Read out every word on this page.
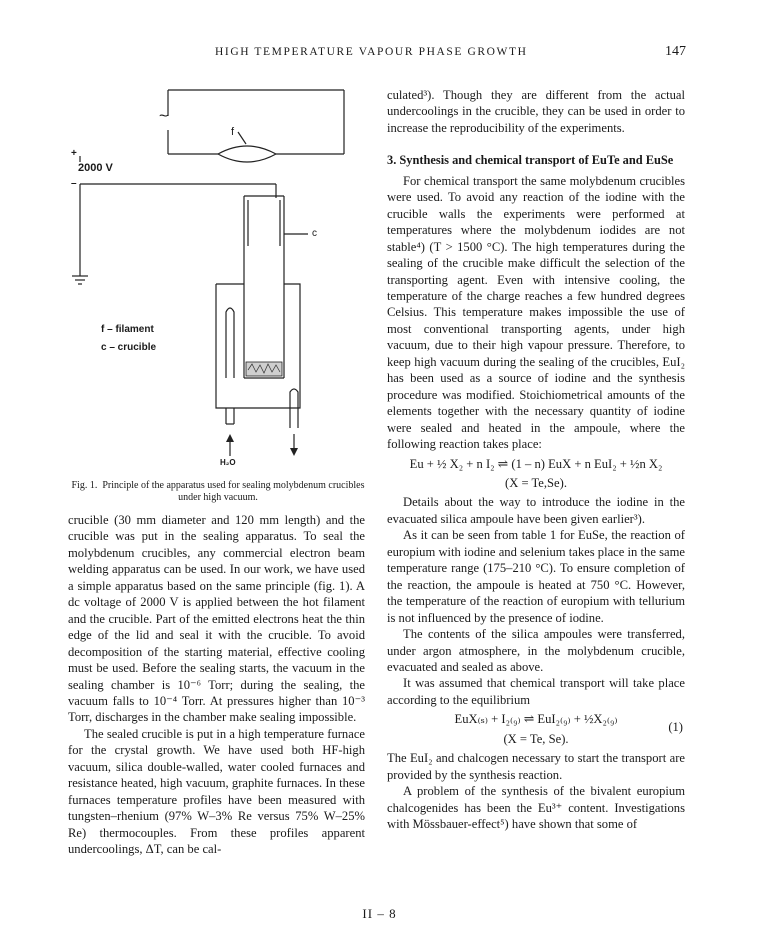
HIGH TEMPERATURE VAPOUR PHASE GROWTH	147
~
+
2000 V
–
f
c
f – filament
c – crucible
H₂O
Fig. 1. Principle of the apparatus used for sealing molybdenum crucibles under high vacuum.

crucible (30 mm diameter and 120 mm length) and the crucible was put in the sealing apparatus. To seal the molybdenum crucibles, any commercial electron beam welding apparatus can be used. In our work, we have used a simple apparatus based on the same principle (fig. 1). A dc voltage of 2000 V is applied between the hot filament and the crucible. Part of the emitted electrons heat the thin edge of the lid and seal it with the crucible. To avoid decomposition of the starting material, effective cooling must be used. Before the sealing starts, the vacuum in the sealing chamber is 10⁻⁶ Torr; during the sealing, the vacuum falls to 10⁻⁴ Torr. At pressures higher than 10⁻³ Torr, discharges in the chamber make sealing impossible.

The sealed crucible is put in a high temperature furnace for the crystal growth. We have used both HF-high vacuum, silica double-walled, water cooled furnaces and resistance heated, high vacuum, graphite furnaces. In these furnaces temperature profiles have been measured with tungsten–rhenium (97% W–3% Re versus 75% W–25% Re) thermocouples. From these profiles apparent undercoolings, ΔT, can be cal-

culated³). Though they are different from the actual undercoolings in the crucible, they can be used in order to increase the reproducibility of the experiments.

3. Synthesis and chemical transport of EuTe and EuSe

For chemical transport the same molybdenum crucibles were used. To avoid any reaction of the iodine with the crucible walls the experiments were performed at temperatures where the molybdenum iodides are not stable⁴) (T > 1500 °C). The high temperatures during the sealing of the crucible make difficult the selection of the transporting agent. Even with intensive cooling, the temperature of the charge reaches a few hundred degrees Celsius. This temperature makes impossible the use of most conventional transporting agents, under high vacuum, due to their high vapour pressure. Therefore, to keep high vacuum during the sealing of the crucibles, EuI₂ has been used as a source of iodine and the synthesis procedure was modified. Stoichiometrical amounts of the elements together with the necessary quantity of iodine were sealed and heated in the ampoule, where the following reaction takes place:

Eu + ½ X₂ + n I₂ ⇌ (1 – n) EuX + n EuI₂ + ½n X₂

(X = Te,Se).

Details about the way to introduce the iodine in the evacuated silica ampoule have been given earlier³).

As it can be seen from table 1 for EuSe, the reaction of europium with iodine and selenium takes place in the same temperature range (175–210 °C). To ensure completion of the reaction, the ampoule is heated at 750 °C. However, the temperature of the reaction of europium with tellurium is not influenced by the presence of iodine.

The contents of the silica ampoules were transferred, under argon atmosphere, in the molybdenum crucible, evacuated and sealed as above.

It was assumed that chemical transport will take place according to the equilibrium

EuX₍ₛ₎ + I₂₍₉₎ ⇌ EuI₂₍₉₎ + ½X₂₍₉₎

(X = Te, Se).

(1)

The EuI₂ and chalcogen necessary to start the transport are provided by the synthesis reaction.

A problem of the synthesis of the bivalent europium chalcogenides has been the Eu³⁺ content. Investigations with Mössbauer-effect⁵) have shown that some of

II – 8
